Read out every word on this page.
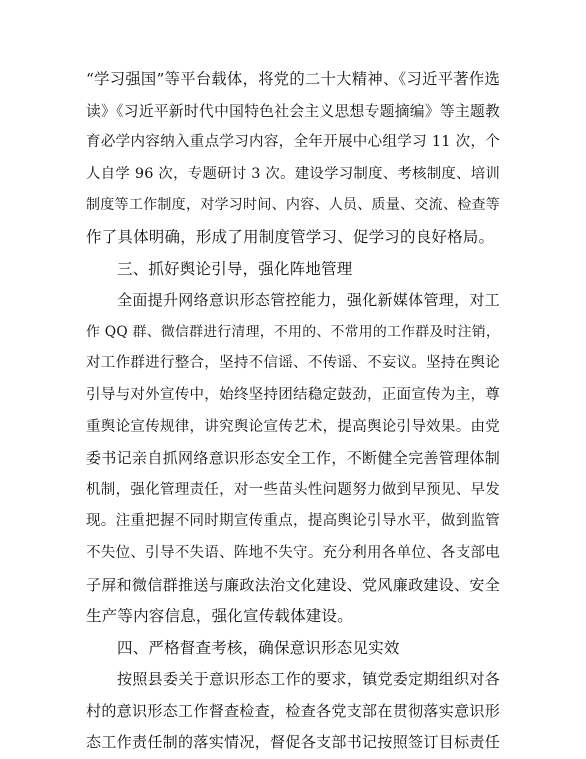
“学习强国”等平台载体，将党的二十大精神、《习近平著作选
读》《习近平新时代中国特色社会主义思想专题摘编》等主题教
育必学内容纳入重点学习内容，全年开展中心组学习 11 次，个
人自学 96 次，专题研讨 3 次。建设学习制度、考核制度、培训
制度等工作制度，对学习时间、内容、人员、质量、交流、检查等
作了具体明确，形成了用制度管学习、促学习的良好格局。
三、抓好舆论引导，强化阵地管理
全面提升网络意识形态管控能力，强化新媒体管理，对工
作 QQ 群、微信群进行清理，不用的、不常用的工作群及时注销，
对工作群进行整合，坚持不信谣、不传谣、不妄议。坚持在舆论
引导与对外宣传中，始终坚持团结稳定鼓劲，正面宣传为主，尊
重舆论宣传规律，讲究舆论宣传艺术，提高舆论引导效果。由党
委书记亲自抓网络意识形态安全工作，不断健全完善管理体制
机制，强化管理责任，对一些苗头性问题努力做到早预见、早发
现。注重把握不同时期宣传重点，提高舆论引导水平，做到监管
不失位、引导不失语、阵地不失守。充分利用各单位、各支部电
子屏和微信群推送与廉政法治文化建设、党风廉政建设、安全
生产等内容信息，强化宣传载体建设。
四、严格督查考核，确保意识形态见实效
按照县委关于意识形态工作的要求，镇党委定期组织对各
村的意识形态工作督查检查，检查各党支部在贯彻落实意识形
态工作责任制的落实情况，督促各支部书记按照签订目标责任
